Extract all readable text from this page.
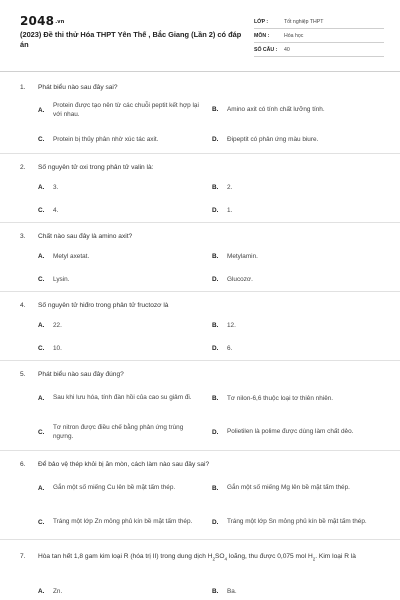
2048.vn
(2023) Đề thi thử Hóa THPT Yên Thế , Bắc Giang (Lần 2) có đáp án
LỚP :	Tốt nghiệp THPT
MÔN :	Hóa học
SỐ CÂU :	40
1. Phát biểu nào sau đây sai?
A.
Protein được tạo nên từ các chuỗi peptit kết hợp lại với nhau.
B.	Amino axit có tính chất lưỡng tính.
C.	Protein bị thủy phân nhờ xúc tác axit.	D.	Đipeptit có phản ứng màu biure.
2. Số nguyên tử oxi trong phân tử valin là:
A.	3.	B.	2.
C.	4.	D.	1.
3. Chất nào sau đây là amino axit?
A.	Metyl axetat.	B.	Metylamin.
C.	Lysin.	D.	Glucozơ.
4. Số nguyên tử hiđro trong phân tử fructozơ là
A.	22.	B.	12.
C.	10.	D.	6.
5. Phát biểu nào sau đây đúng?
A.	Sau khi lưu hóa, tính đàn hồi của cao su giảm đi.	B.	Tơ nilon-6,6 thuộc loại tơ thiên nhiên.
C.
Tơ nitron được điều chế bằng phản ứng trùng ngưng.
D.	Polietilen là polime được dùng làm chất dẻo.
6. Để bảo vệ thép khỏi bị ăn mòn, cách làm nào sau đây sai?
A.	Gắn một số miếng Cu lên bề mặt tấm thép.	B.	Gắn một số miếng Mg lên bề mặt tấm thép.
C.	Tráng một lớp Zn mỏng phủ kín bề mặt tấm thép.	D.	Tráng một lớp Sn mỏng phủ kín bề mặt tấm thép.
7. Hòa tan hết 1,8 gam kim loại R (hóa trị II) trong dung dịch $H_2SO_4$ loãng, thu được 0,075 mol $H_2$. Kim loại R là
A.	Zn.	B.	Ba.
